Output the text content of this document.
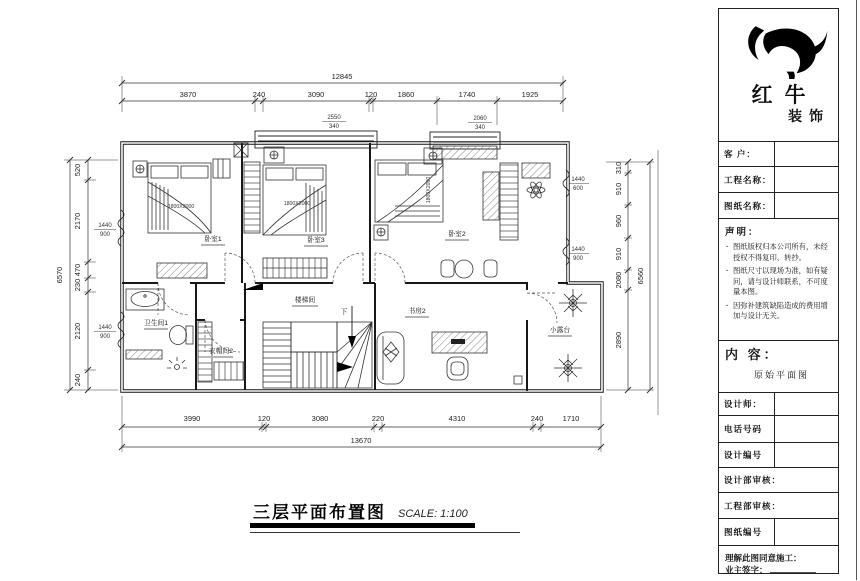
12845
3870	240	3090	120	1860	1740	1925
13670
3990	120	3080	220	4310	240	1710
6570
520
2170
470
230
2120
240
6560
310
910
960
910
2080
2890
2550
340
2060
340
1440
900
1440
900
1440
600
1440
900
卧室1	卧室3
卧室2
楼梯间
书房2
卫生间1
衣帽间2
小露台
1800X2000	1800X2000
1800X2000
下
三层平面布置图 SCALE: 1:100
红牛
装饰
客 户：
工程名称：
图纸名称：
声明：
· 图纸版权归本公司所有，未经授权不得复印、转抄。
· 图纸尺寸以现场为准，如有疑问，请与设计师联系，不可度量本图。
· 因弥补建筑缺陷造成的费用增加与设计无关。
内 容：
原始平面图
设计师：
电话号码
设计编号
设计部审核：
工程部审核：
图纸编号
理解此图同意施工：
业主签字：
